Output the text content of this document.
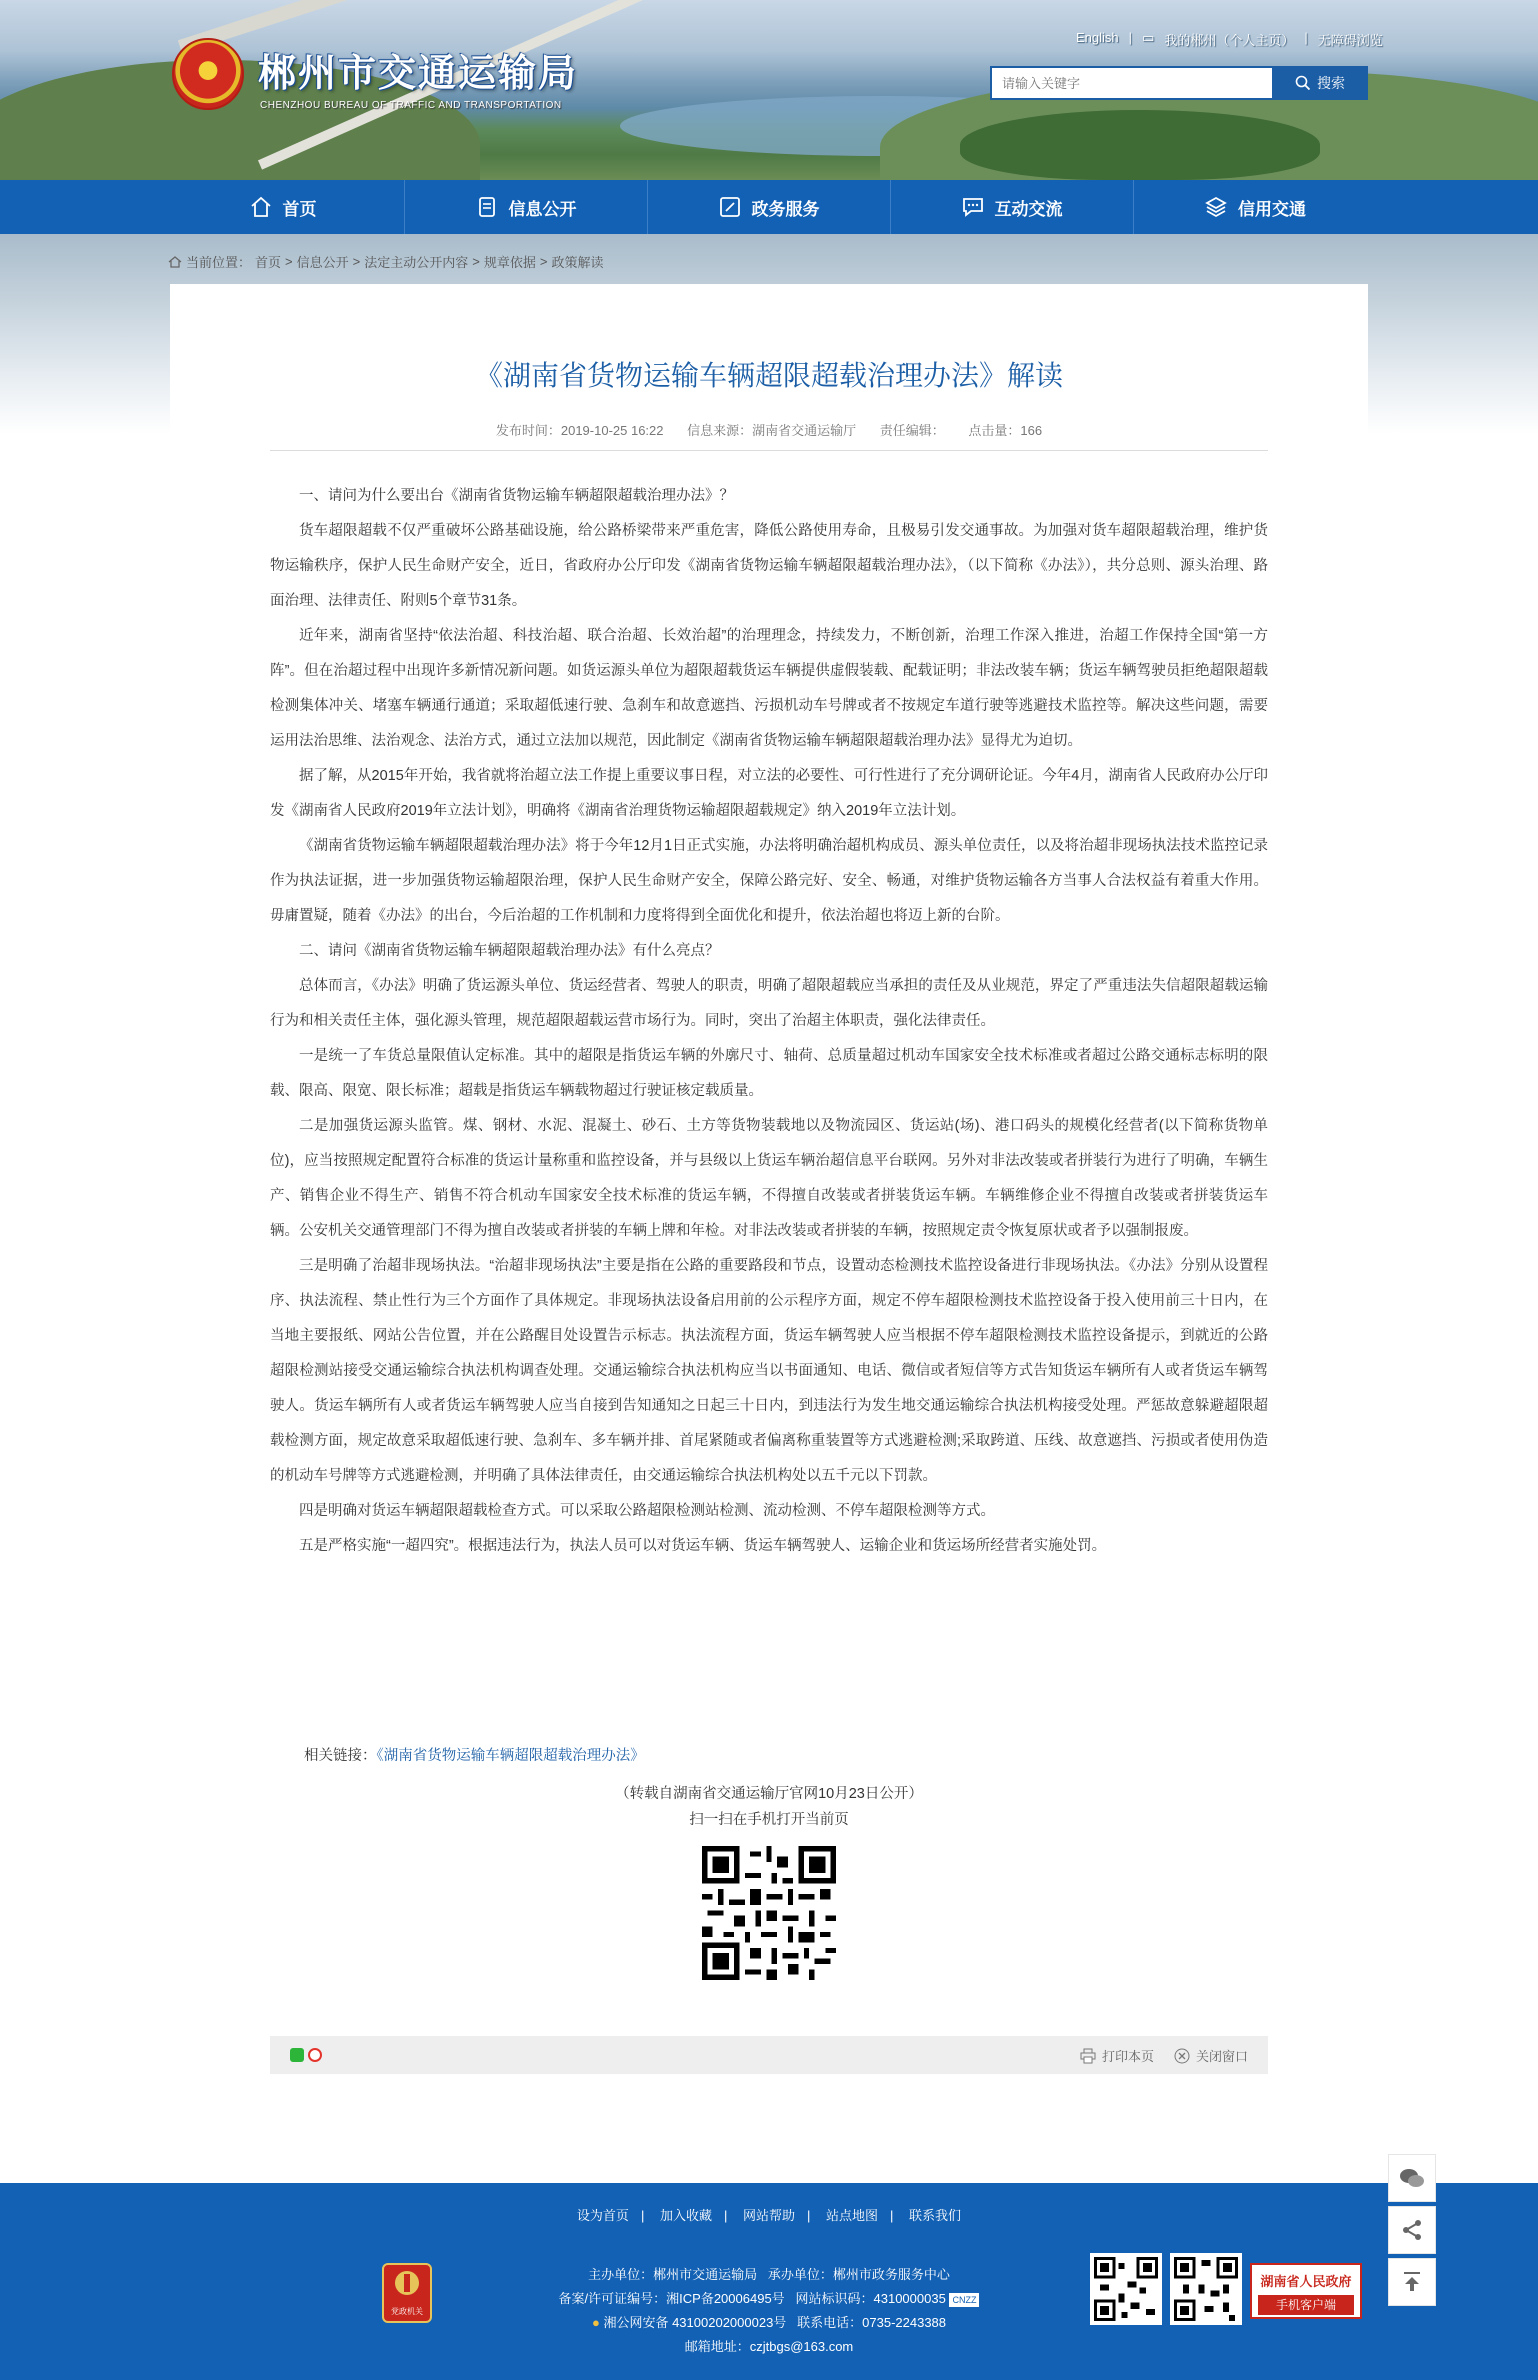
郴州市交通运输局
CHENZHOU BUREAU OF TRAFFIC AND TRANSPORTATION
English | ▭ 我的郴州（个人主页） | 无障碍浏览
请输入关键字
搜索
首页	信息公开	政务服务	互动交流	信用交通
当前位置： 首页 > 信息公开 > 法定主动公开内容 > 规章依据 > 政策解读
《湖南省货物运输车辆超限超载治理办法》解读
发布时间：2019-10-25 16:22 信息来源：湖南省交通运输厅 责任编辑： 点击量：166

一、请问为什么要出台《湖南省货物运输车辆超限超载治理办法》？

货车超限超载不仅严重破坏公路基础设施，给公路桥梁带来严重危害，降低公路使用寿命，且极易引发交通事故。为加强对货车超限超载治理，维护货物运输秩序，保护人民生命财产安全，近日，省政府办公厅印发《湖南省货物运输车辆超限超载治理办法》，（以下简称《办法》），共分总则、源头治理、路面治理、法律责任、附则5个章节31条。

近年来，湖南省坚持“依法治超、科技治超、联合治超、长效治超”的治理理念，持续发力，不断创新，治理工作深入推进，治超工作保持全国“第一方阵”。但在治超过程中出现许多新情况新问题。如货运源头单位为超限超载货运车辆提供虚假装载、配载证明；非法改装车辆；货运车辆驾驶员拒绝超限超载检测集体冲关、堵塞车辆通行通道；采取超低速行驶、急刹车和故意遮挡、污损机动车号牌或者不按规定车道行驶等逃避技术监控等。解决这些问题，需要运用法治思维、法治观念、法治方式，通过立法加以规范，因此制定《湖南省货物运输车辆超限超载治理办法》显得尤为迫切。

据了解，从2015年开始，我省就将治超立法工作提上重要议事日程，对立法的必要性、可行性进行了充分调研论证。今年4月，湖南省人民政府办公厅印发《湖南省人民政府2019年立法计划》，明确将《湖南省治理货物运输超限超载规定》纳入2019年立法计划。

《湖南省货物运输车辆超限超载治理办法》将于今年12月1日正式实施，办法将明确治超机构成员、源头单位责任，以及将治超非现场执法技术监控记录作为执法证据，进一步加强货物运输超限治理，保护人民生命财产安全，保障公路完好、安全、畅通，对维护货物运输各方当事人合法权益有着重大作用。毋庸置疑，随着《办法》的出台，今后治超的工作机制和力度将得到全面优化和提升，依法治超也将迈上新的台阶。

二、请问《湖南省货物运输车辆超限超载治理办法》有什么亮点？

总体而言，《办法》明确了货运源头单位、货运经营者、驾驶人的职责，明确了超限超载应当承担的责任及从业规范，界定了严重违法失信超限超载运输行为和相关责任主体，强化源头管理，规范超限超载运营市场行为。同时，突出了治超主体职责，强化法律责任。

一是统一了车货总量限值认定标准。其中的超限是指货运车辆的外廓尺寸、轴荷、总质量超过机动车国家安全技术标准或者超过公路交通标志标明的限载、限高、限宽、限长标准；超载是指货运车辆载物超过行驶证核定载质量。

二是加强货运源头监管。煤、钢材、水泥、混凝土、砂石、土方等货物装载地以及物流园区、货运站(场)、港口码头的规模化经营者(以下简称货物单位)，应当按照规定配置符合标准的货运计量称重和监控设备，并与县级以上货运车辆治超信息平台联网。另外对非法改装或者拼装行为进行了明确，车辆生产、销售企业不得生产、销售不符合机动车国家安全技术标准的货运车辆，不得擅自改装或者拼装货运车辆。车辆维修企业不得擅自改装或者拼装货运车辆。公安机关交通管理部门不得为擅自改装或者拼装的车辆上牌和年检。对非法改装或者拼装的车辆，按照规定责令恢复原状或者予以强制报废。

三是明确了治超非现场执法。“治超非现场执法”主要是指在公路的重要路段和节点，设置动态检测技术监控设备进行非现场执法。《办法》分别从设置程序、执法流程、禁止性行为三个方面作了具体规定。非现场执法设备启用前的公示程序方面，规定不停车超限检测技术监控设备于投入使用前三十日内，在当地主要报纸、网站公告位置，并在公路醒目处设置告示标志。执法流程方面，货运车辆驾驶人应当根据不停车超限检测技术监控设备提示，到就近的公路超限检测站接受交通运输综合执法机构调查处理。交通运输综合执法机构应当以书面通知、电话、微信或者短信等方式告知货运车辆所有人或者货运车辆驾驶人。货运车辆所有人或者货运车辆驾驶人应当自接到告知通知之日起三十日内，到违法行为发生地交通运输综合执法机构接受处理。严惩故意躲避超限超载检测方面，规定故意采取超低速行驶、急刹车、多车辆并排、首尾紧随或者偏离称重装置等方式逃避检测;采取跨道、压线、故意遮挡、污损或者使用伪造的机动车号牌等方式逃避检测，并明确了具体法律责任，由交通运输综合执法机构处以五千元以下罚款。

四是明确对货运车辆超限超载检查方式。可以采取公路超限检测站检测、流动检测、不停车超限检测等方式。

五是严格实施“一超四究”。根据违法行为，执法人员可以对货运车辆、货运车辆驾驶人、运输企业和货运场所经营者实施处罚。

相关链接：《湖南省货物运输车辆超限超载治理办法》
（转载自湖南省交通运输厅官网10月23日公开）
扫一扫在手机打开当前页
打印本页	关闭窗口
设为首页 | 加入收藏 | 网站帮助 | 站点地图 | 联系我们
党政机关
主办单位：郴州市交通运输局 承办单位：郴州市政务服务中心
备案/许可证编号：湘ICP备20006495号 网站标识码：4310000035 CNZZ
● 湘公网安备 43100202000023号 联系电话：0735-2243388
邮箱地址：czjtbgs@163.com
湖南省人民政府
手机客户端
